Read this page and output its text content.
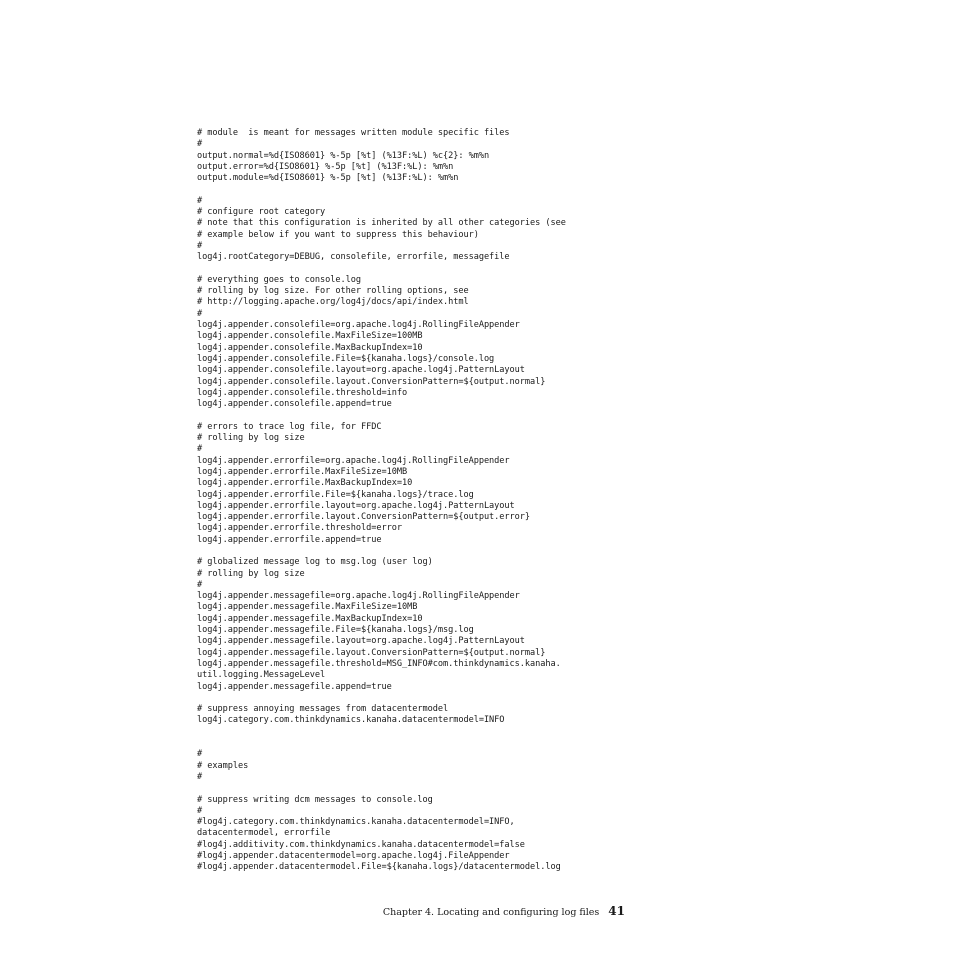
# module  is meant for messages written module specific files
#
output.normal=%d{ISO8601} %-5p [%t] (%13F:%L) %c{2}: %m%n
output.error=%d{ISO8601} %-5p [%t] (%13F:%L): %m%n
output.module=%d{ISO8601} %-5p [%t] (%13F:%L): %m%n
#
# configure root category
# note that this configuration is inherited by all other categories (see
# example below if you want to suppress this behaviour)
#
log4j.rootCategory=DEBUG, consolefile, errorfile, messagefile
# everything goes to console.log
# rolling by log size. For other rolling options, see
# http://logging.apache.org/log4j/docs/api/index.html
#
log4j.appender.consolefile=org.apache.log4j.RollingFileAppender
log4j.appender.consolefile.MaxFileSize=100MB
log4j.appender.consolefile.MaxBackupIndex=10
log4j.appender.consolefile.File=${kanaha.logs}/console.log
log4j.appender.consolefile.layout=org.apache.log4j.PatternLayout
log4j.appender.consolefile.layout.ConversionPattern=${output.normal}
log4j.appender.consolefile.threshold=info
log4j.appender.consolefile.append=true
# errors to trace log file, for FFDC
# rolling by log size
#
log4j.appender.errorfile=org.apache.log4j.RollingFileAppender
log4j.appender.errorfile.MaxFileSize=10MB
log4j.appender.errorfile.MaxBackupIndex=10
log4j.appender.errorfile.File=${kanaha.logs}/trace.log
log4j.appender.errorfile.layout=org.apache.log4j.PatternLayout
log4j.appender.errorfile.layout.ConversionPattern=${output.error}
log4j.appender.errorfile.threshold=error
log4j.appender.errorfile.append=true
# globalized message log to msg.log (user log)
# rolling by log size
#
log4j.appender.messagefile=org.apache.log4j.RollingFileAppender
log4j.appender.messagefile.MaxFileSize=10MB
log4j.appender.messagefile.MaxBackupIndex=10
log4j.appender.messagefile.File=${kanaha.logs}/msg.log
log4j.appender.messagefile.layout=org.apache.log4j.PatternLayout
log4j.appender.messagefile.layout.ConversionPattern=${output.normal}
log4j.appender.messagefile.threshold=MSG_INFO#com.thinkdynamics.kanaha.
util.logging.MessageLevel
log4j.appender.messagefile.append=true
# suppress annoying messages from datacentermodel
log4j.category.com.thinkdynamics.kanaha.datacentermodel=INFO
#
# examples
#
# suppress writing dcm messages to console.log
#
#log4j.category.com.thinkdynamics.kanaha.datacentermodel=INFO,
datacentermodel, errorfile
#log4j.additivity.com.thinkdynamics.kanaha.datacentermodel=false
#log4j.appender.datacentermodel=org.apache.log4j.FileAppender
#log4j.appender.datacentermodel.File=${kanaha.logs}/datacentermodel.log
Chapter 4. Locating and configuring log files 41
